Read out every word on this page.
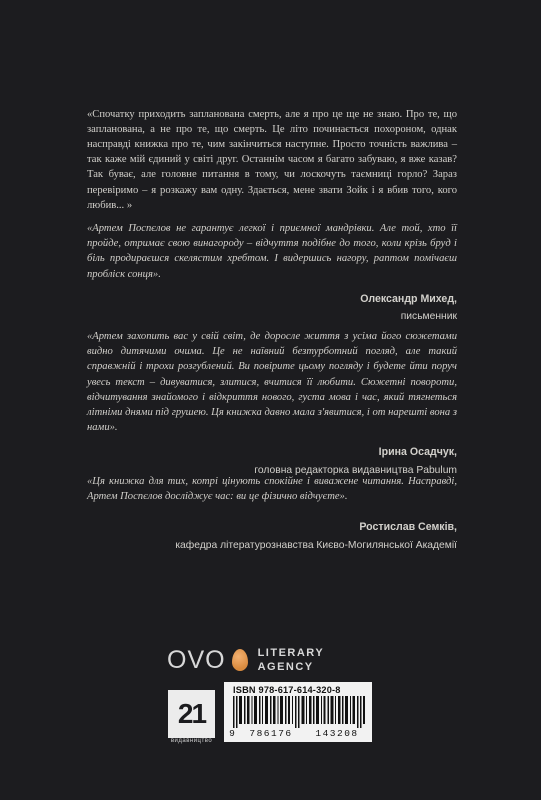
«Спочатку приходить запланована смерть, але я про це ще не знаю. Про те, що запланована, а не про те, що смерть. Це літо починається похороном, однак насправді книжка про те, чим закінчиться наступне. Просто точність важлива – так каже мій єдиний у світі друг. Останнім часом я багато забуваю, я вже казав? Так буває, але головне питання в тому, чи лоскочуть таємниці горло? Зараз перевіримо – я розкажу вам одну. Здається, мене звати Зойк і я вбив того, кого любив... »

«Артем Поспєлов не гарантує легкої і приємної мандрівки. Але той, хто її пройде, отримає свою винагороду – відчуття подібне до того, коли крізь бруд і біль продираєшся скелястим хребтом. І видершись нагору, раптом помічаєш пробліск сонця».

Олександр Михед,

письменник

«Артем захопить вас у свій світ, де доросле життя з усіма його сюжетами видно дитячими очима. Це не наївний безтурботний погляд, але такий справжній і трохи розгублений. Ви повірите цьому погляду і будете йти поруч увесь текст – дивуватися, злитися, вчитися її любити. Сюжетні повороти, відчитування знайомого і відкриття нового, густа мова і час, який тягнеться літніми днями під грушею. Ця книжка давно мала з'явитися, і от нарешті вона з нами».

Ірина Осадчук,

головна редакторка видавництва Pabulum

«Ця книжка для тих, котрі цінують спокійне і виважене читання. Насправді, Артем Поспєлов досліджує час: ви це фізично відчуєте».

Ростислав Семків,

кафедра літературознавства Києво-Могилянської Академії

OVO	LITERARY
AGENCY
21
видавництво
ISBN 978-617-614-320-8
9	786176	143208
